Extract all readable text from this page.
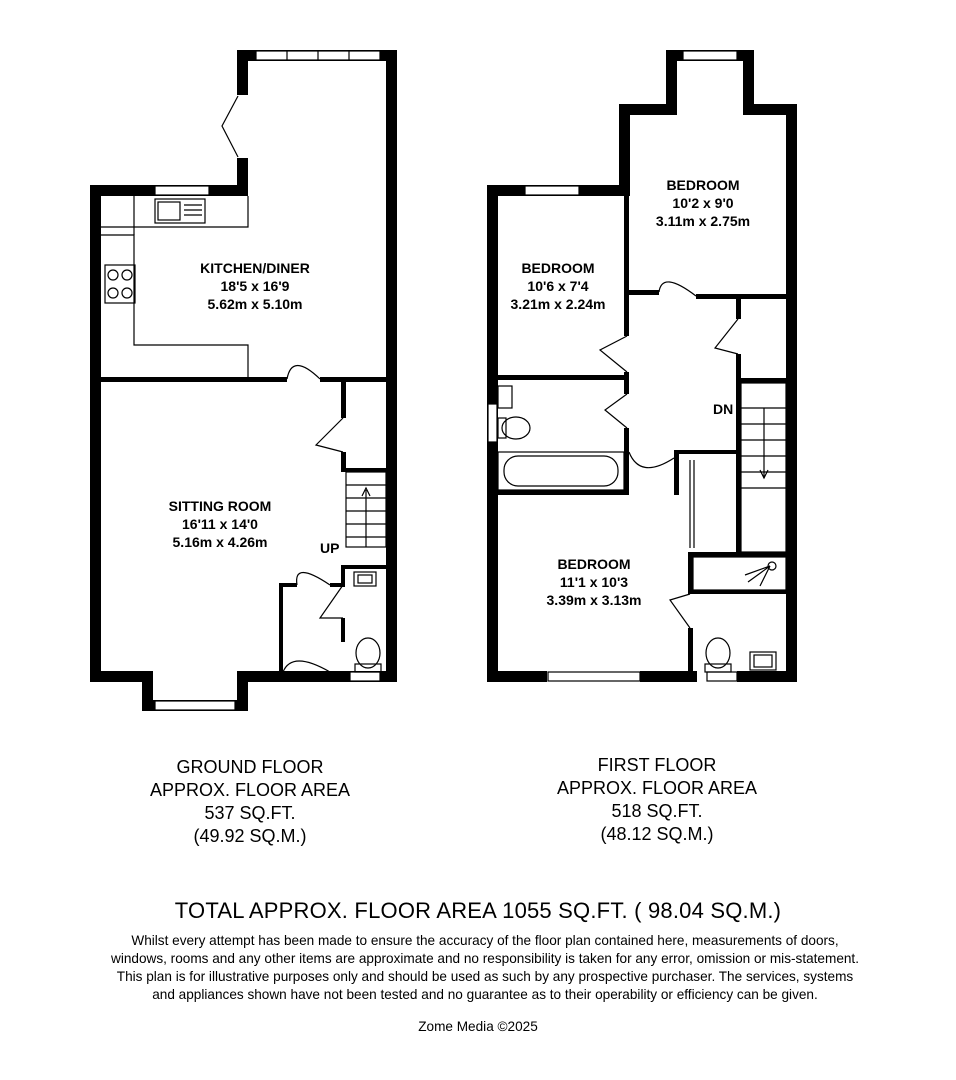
KITCHEN/DINER
18'5 x 16'9
5.62m x 5.10m
SITTING ROOM
16'11 x 14'0
5.16m x 4.26m	UP
BEDROOM
10'2 x 9'0
3.11m x 2.75m
BEDROOM
10'6 x 7'4
3.21m x 2.24m
BEDROOM
11'1 x 10'3
3.39m x 3.13m
DN
GROUND FLOOR
APPROX. FLOOR AREA
537 SQ.FT.
(49.92 SQ.M.)
FIRST FLOOR
APPROX. FLOOR AREA
518 SQ.FT.
(48.12 SQ.M.)
TOTAL APPROX. FLOOR AREA 1055 SQ.FT. ( 98.04 SQ.M.)
Whilst every attempt has been made to ensure the accuracy of the floor plan contained here, measurements of doors, windows, rooms and any other items are approximate and no responsibility is taken for any error, omission or mis-statement. This plan is for illustrative purposes only and should be used as such by any prospective purchaser. The services, systems and appliances shown have not been tested and no guarantee as to their operability or efficiency can be given.
Zome Media ©2025
